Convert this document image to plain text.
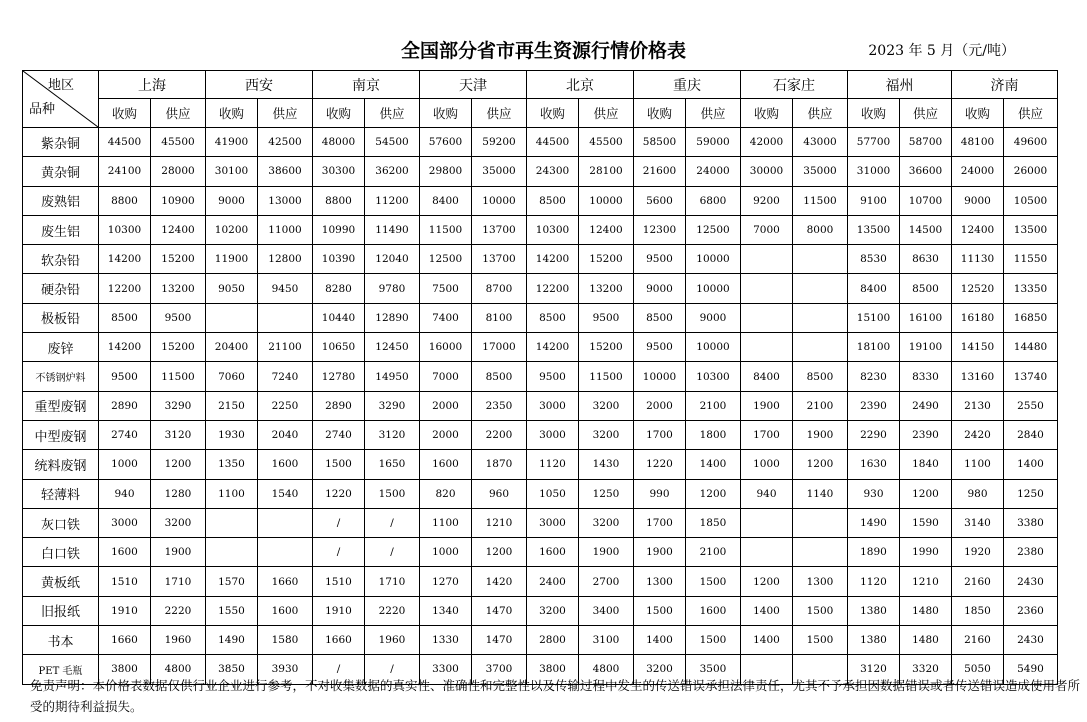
全国部分省市再生资源行情价格表	2023 年 5 月（元/吨）
地区
品种	上海		西安		南京		天津		北京		重庆		石家庄		福州		济南	
	收购	供应	收购	供应	收购	供应	收购	供应	收购	供应	收购	供应	收购	供应	收购	供应	收购	供应
紫杂铜	44500	45500	41900	42500	48000	54500	57600	59200	44500	45500	58500	59000	42000	43000	57700	58700	48100	49600
黄杂铜	24100	28000	30100	38600	30300	36200	29800	35000	24300	28100	21600	24000	30000	35000	31000	36600	24000	26000
废熟铝	8800	10900	9000	13000	8800	11200	8400	10000	8500	10000	5600	6800	9200	11500	9100	10700	9000	10500
废生铝	10300	12400	10200	11000	10990	11490	11500	13700	10300	12400	12300	12500	7000	8000	13500	14500	12400	13500
软杂铅	14200	15200	11900	12800	10390	12040	12500	13700	14200	15200	9500	10000			8530	8630	11130	11550
硬杂铅	12200	13200	9050	9450	8280	9780	7500	8700	12200	13200	9000	10000			8400	8500	12520	13350
极板铅	8500	9500			10440	12890	7400	8100	8500	9500	8500	9000			15100	16100	16180	16850
废锌	14200	15200	20400	21100	10650	12450	16000	17000	14200	15200	9500	10000			18100	19100	14150	14480
不锈钢炉料	9500	11500	7060	7240	12780	14950	7000	8500	9500	11500	10000	10300	8400	8500	8230	8330	13160	13740
重型废钢	2890	3290	2150	2250	2890	3290	2000	2350	3000	3200	2000	2100	1900	2100	2390	2490	2130	2550
中型废钢	2740	3120	1930	2040	2740	3120	2000	2200	3000	3200	1700	1800	1700	1900	2290	2390	2420	2840
统料废钢	1000	1200	1350	1600	1500	1650	1600	1870	1120	1430	1220	1400	1000	1200	1630	1840	1100	1400
轻薄料	940	1280	1100	1540	1220	1500	820	960	1050	1250	990	1200	940	1140	930	1200	980	1250
灰口铁	3000	3200			/	/	1100	1210	3000	3200	1700	1850			1490	1590	3140	3380
白口铁	1600	1900			/	/	1000	1200	1600	1900	1900	2100			1890	1990	1920	2380
黄板纸	1510	1710	1570	1660	1510	1710	1270	1420	2400	2700	1300	1500	1200	1300	1120	1210	2160	2430
旧报纸	1910	2220	1550	1600	1910	2220	1340	1470	3200	3400	1500	1600	1400	1500	1380	1480	1850	2360
书本	1660	1960	1490	1580	1660	1960	1330	1470	2800	3100	1400	1500	1400	1500	1380	1480	2160	2430
PET 毛瓶	3800	4800	3850	3930	/	/	3300	3700	3800	4800	3200	3500			3120	3320	5050	5490
免责声明：本价格表数据仅供行业企业进行参考，不对收集数据的真实性、准确性和完整性以及传输过程中发生的传送错误承担法律责任，尤其不予承担因数据错误或者传送错误造成使用者所受的期待利益损失。
